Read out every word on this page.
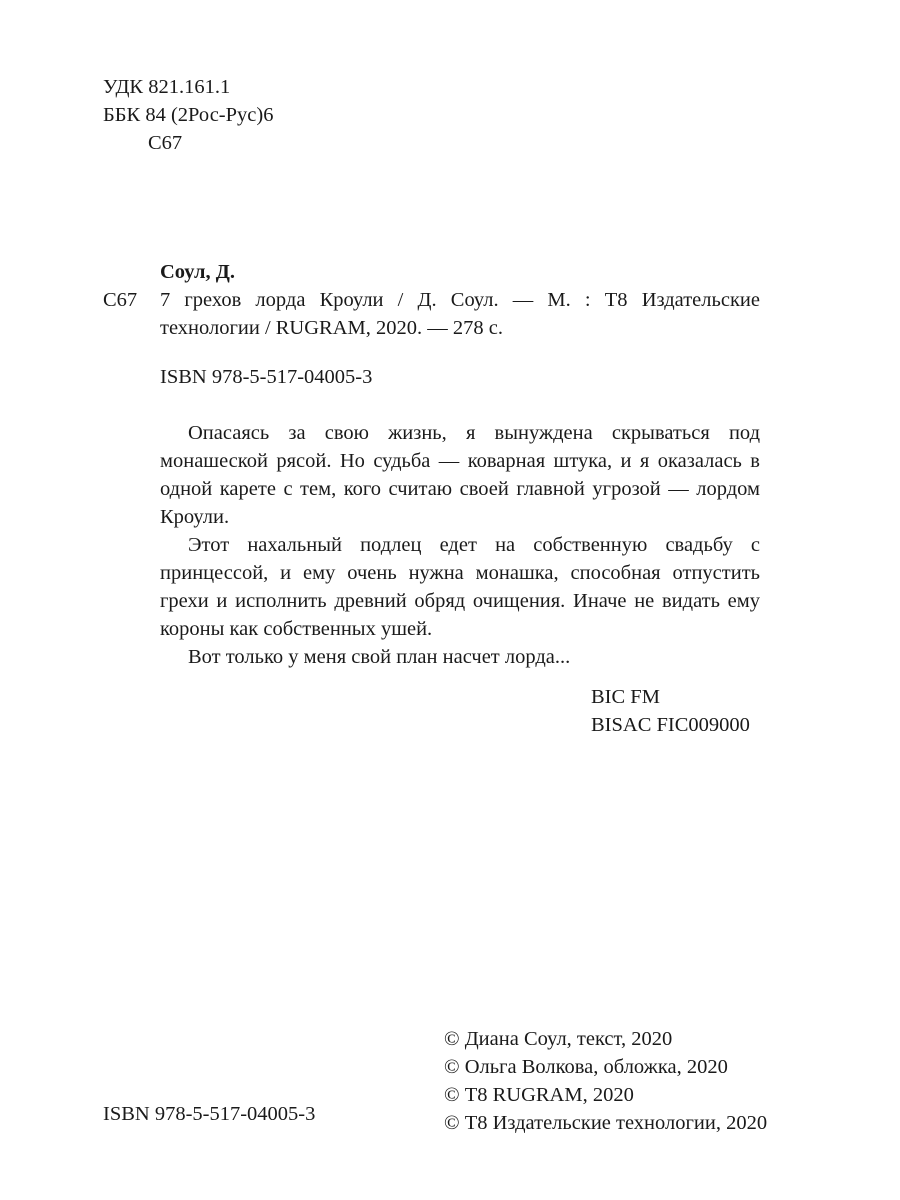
УДК 821.161.1
ББК 84 (2Рос-Рус)6
С67
Соул, Д.
С67 7 грехов лорда Кроули / Д. Соул. — М. : Т8 Издательские технологии / RUGRAM, 2020. — 278 с.
ISBN 978-5-517-04005-3

Опасаясь за свою жизнь, я вынуждена скрываться под монашеской рясой. Но судьба — коварная штука, и я оказалась в одной карете с тем, кого считаю своей главной угрозой — лордом Кроули.

Этот нахальный подлец едет на собственную свадьбу с принцессой, и ему очень нужна монашка, способная отпустить грехи и исполнить древний обряд очищения. Иначе не видать ему короны как собственных ушей.

Вот только у меня свой план насчет лорда...

BIC FM
BISAC FIC009000
© Диана Соул, текст, 2020
© Ольга Волкова, обложка, 2020
© Т8 RUGRAM, 2020
© Т8 Издательские технологии, 2020
ISBN 978-5-517-04005-3
